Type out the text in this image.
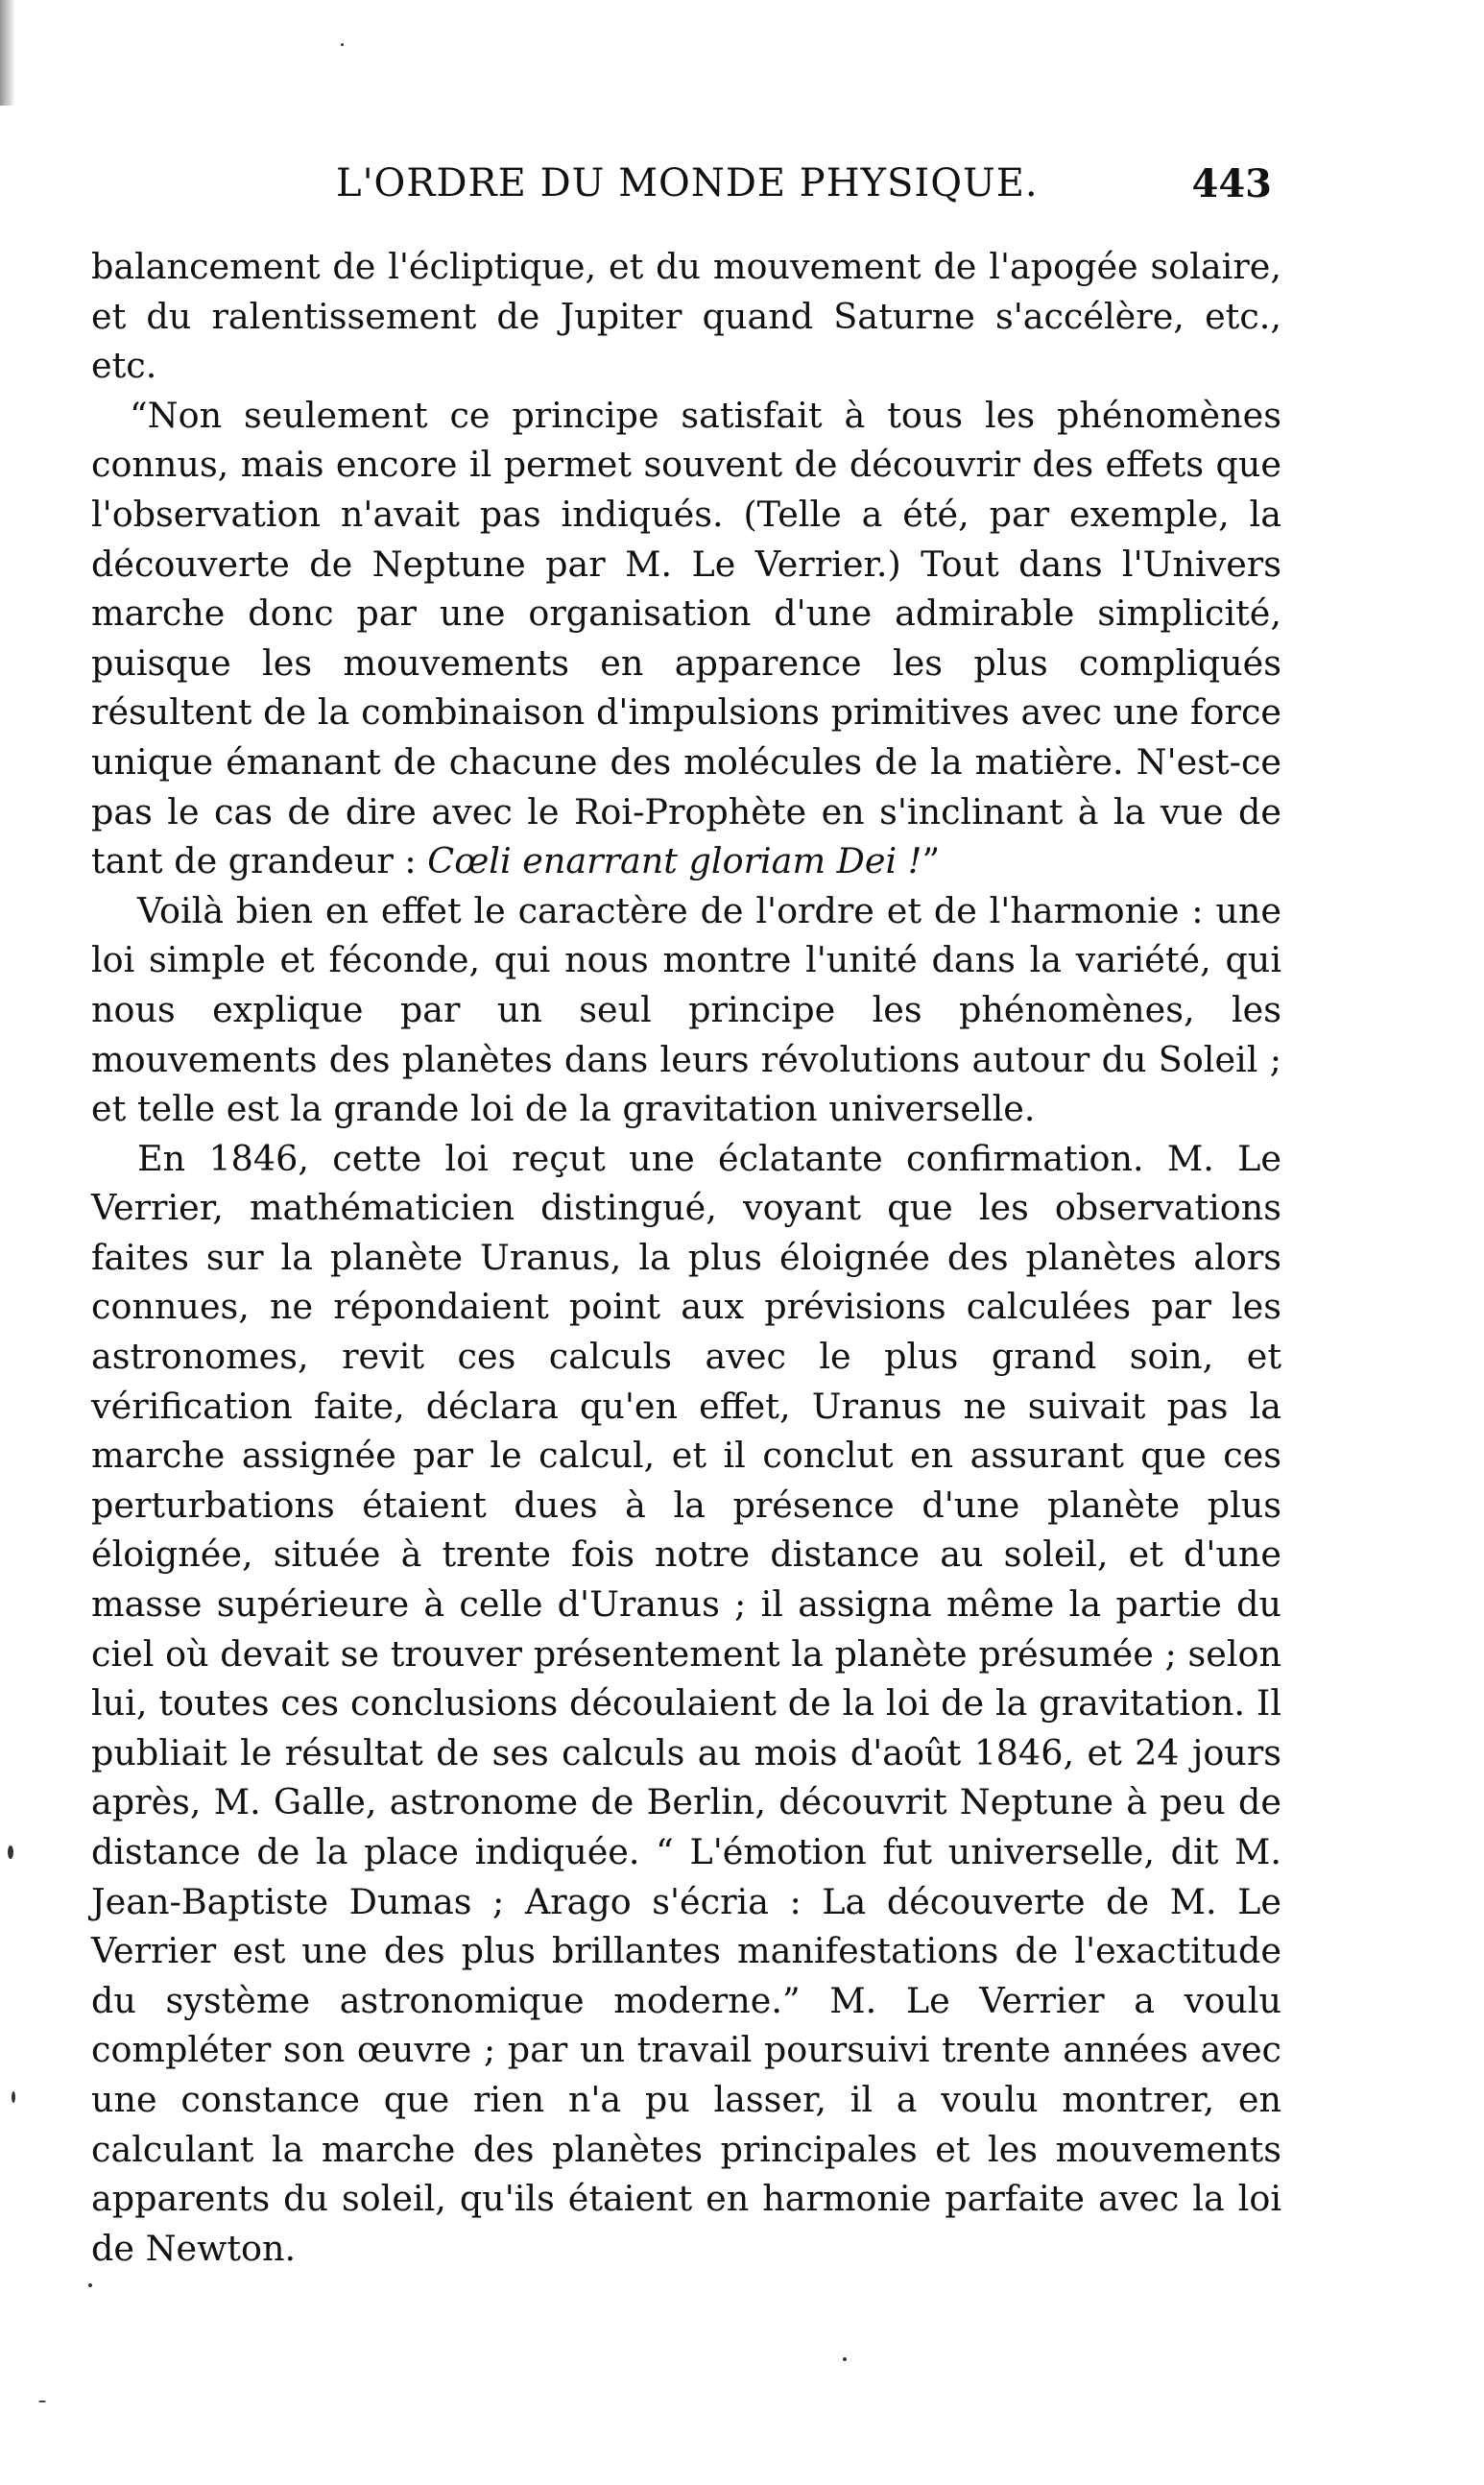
L'ORDRE DU MONDE PHYSIQUE.	443

balancement de l'écliptique, et du mouvement de l'apogée solaire, et du ralentissement de Jupiter quand Saturne s'accélère, etc., etc.

“Non seulement ce principe satisfait à tous les phénomènes connus, mais encore il permet souvent de découvrir des effets que l'observation n'avait pas indiqués. (Telle a été, par exemple, la découverte de Neptune par M. Le Verrier.) Tout dans l'Univers marche donc par une organisation d'une admirable simplicité, puisque les mouvements en apparence les plus compliqués résultent de la combinaison d'impulsions primitives avec une force unique émanant de chacune des molécules de la matière. N'est-ce pas le cas de dire avec le Roi-Prophète en s'inclinant à la vue de tant de grandeur : Cœli enarrant gloriam Dei !”

Voilà bien en effet le caractère de l'ordre et de l'harmonie : une loi simple et féconde, qui nous montre l'unité dans la variété, qui nous explique par un seul principe les phénomènes, les mouvements des planètes dans leurs révolutions autour du Soleil ; et telle est la grande loi de la gravitation universelle.

En 1846, cette loi reçut une éclatante confirmation. M. Le Verrier, mathématicien distingué, voyant que les observations faites sur la planète Uranus, la plus éloignée des planètes alors connues, ne répondaient point aux prévisions calculées par les astronomes, revit ces calculs avec le plus grand soin, et vérification faite, déclara qu'en effet, Uranus ne suivait pas la marche assignée par le calcul, et il conclut en assurant que ces perturbations étaient dues à la présence d'une planète plus éloignée, située à trente fois notre distance au soleil, et d'une masse supérieure à celle d'Uranus ; il assigna même la partie du ciel où devait se trouver présentement la planète présumée ; selon lui, toutes ces conclusions découlaient de la loi de la gravitation. Il publiait le résultat de ses calculs au mois d'août 1846, et 24 jours après, M. Galle, astronome de Berlin, découvrit Neptune à peu de distance de la place indiquée. “ L'émotion fut universelle, dit M. Jean-Baptiste Dumas ; Arago s'écria : La découverte de M. Le Verrier est une des plus brillantes manifestations de l'exactitude du système astronomique moderne.” M. Le Verrier a voulu compléter son œuvre ; par un travail poursuivi trente années avec une constance que rien n'a pu lasser, il a voulu montrer, en calculant la marche des planètes principales et les mouvements apparents du soleil, qu'ils étaient en harmonie parfaite avec la loi de Newton.
